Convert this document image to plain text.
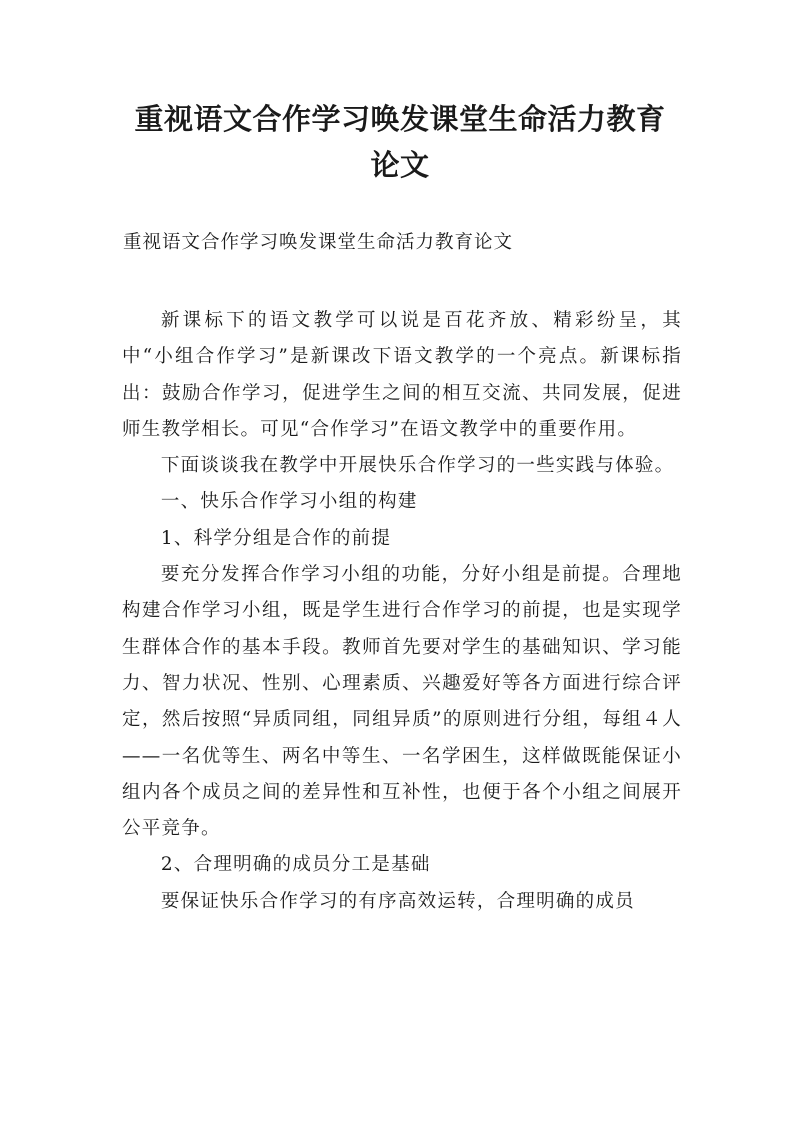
重视语文合作学习唤发课堂生命活力教育论文
重视语文合作学习唤发课堂生命活力教育论文

新课标下的语文教学可以说是百花齐放、精彩纷呈，其中“小组合作学习”是新课改下语文教学的一个亮点。新课标指出：鼓励合作学习，促进学生之间的相互交流、共同发展，促进师生教学相长。可见“合作学习”在语文教学中的重要作用。

下面谈谈我在教学中开展快乐合作学习的一些实践与体验。

一、快乐合作学习小组的构建

1、科学分组是合作的前提

要充分发挥合作学习小组的功能，分好小组是前提。合理地构建合作学习小组，既是学生进行合作学习的前提，也是实现学生群体合作的基本手段。教师首先要对学生的基础知识、学习能力、智力状况、性别、心理素质、兴趣爱好等各方面进行综合评定，然后按照“异质同组，同组异质”的原则进行分组，每组４人——一名优等生、两名中等生、一名学困生，这样做既能保证小组内各个成员之间的差异性和互补性，也便于各个小组之间展开公平竞争。

2、合理明确的成员分工是基础

要保证快乐合作学习的有序高效运转，合理明确的成员
